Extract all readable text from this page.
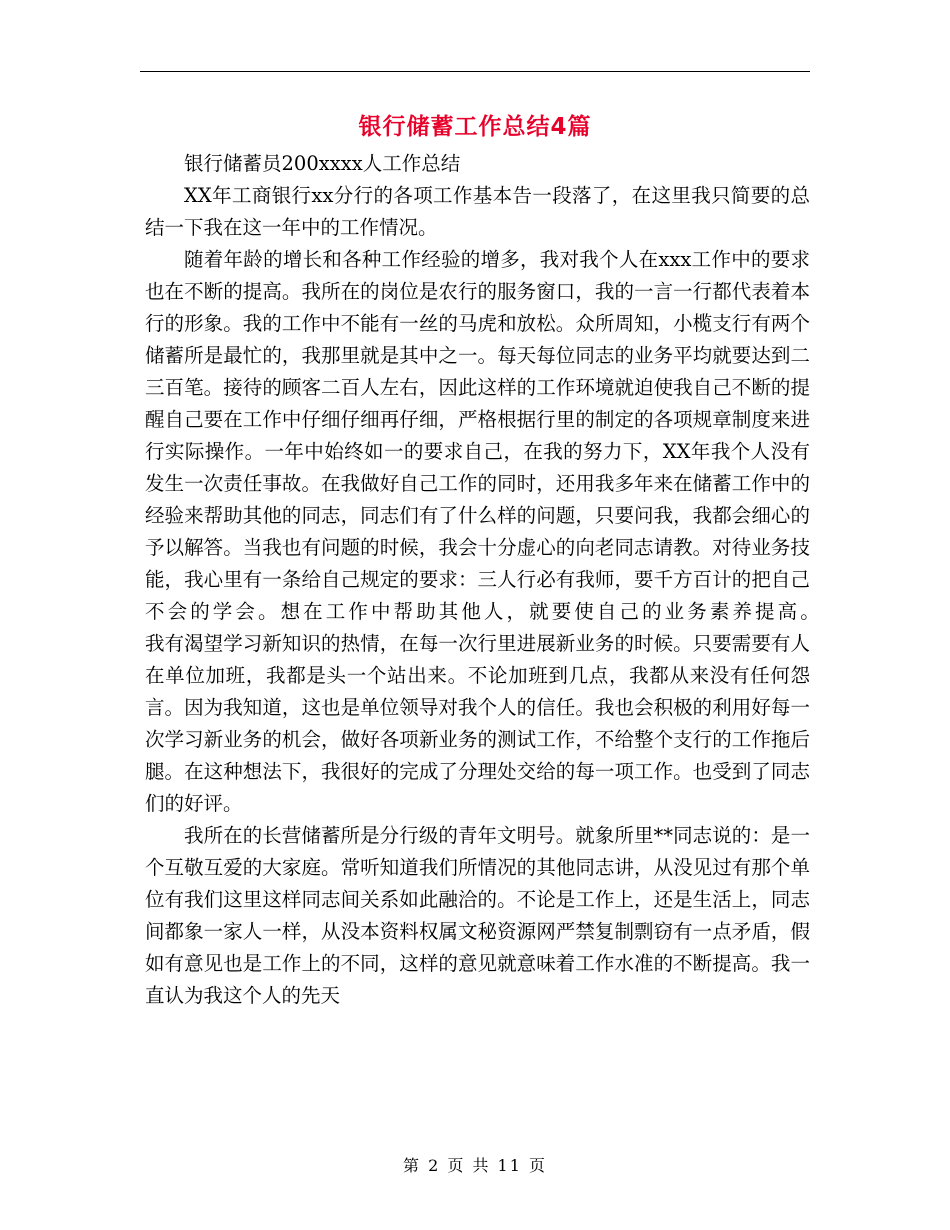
银行储蓄工作总结4篇

银行储蓄员200xxxx人工作总结

XX年工商银行xx分行的各项工作基本告一段落了，在这里我只简要的总结一下我在这一年中的工作情况。

随着年龄的增长和各种工作经验的增多，我对我个人在xxx工作中的要求也在不断的提高。我所在的岗位是农行的服务窗口，我的一言一行都代表着本行的形象。我的工作中不能有一丝的马虎和放松。众所周知，小榄支行有两个储蓄所是最忙的，我那里就是其中之一。每天每位同志的业务平均就要达到二三百笔。接待的顾客二百人左右，因此这样的工作环境就迫使我自己不断的提醒自己要在工作中仔细仔细再仔细，严格根据行里的制定的各项规章制度来进行实际操作。一年中始终如一的要求自己，在我的努力下，XX年我个人没有发生一次责任事故。在我做好自己工作的同时，还用我多年来在储蓄工作中的经验来帮助其他的同志，同志们有了什么样的问题，只要问我，我都会细心的予以解答。当我也有问题的时候，我会十分虚心的向老同志请教。对待业务技能，我心里有一条给自己规定的要求：三人行必有我师，要千方百计的把自己不会的学会。想在工作中帮助其他人，就要使自己的业务素养提高。　　　　我有渴望学习新知识的热情，在每一次行里进展新业务的时候。只要需要有人在单位加班，我都是头一个站出来。不论加班到几点，我都从来没有任何怨言。因为我知道，这也是单位领导对我个人的信任。我也会积极的利用好每一次学习新业务的机会，做好各项新业务的测试工作，不给整个支行的工作拖后腿。在这种想法下，我很好的完成了分理处交给的每一项工作。也受到了同志们的好评。

我所在的长营储蓄所是分行级的青年文明号。就象所里**同志说的：是一个互敬互爱的大家庭。常听知道我们所情况的其他同志讲，从没见过有那个单位有我们这里这样同志间关系如此融洽的。不论是工作上，还是生活上，同志间都象一家人一样，从没本资料权属文秘资源网严禁复制剽窃有一点矛盾，假如有意见也是工作上的不同，这样的意见就意味着工作水准的不断提高。我一直认为我这个人的先天

第 2 页 共 11 页
